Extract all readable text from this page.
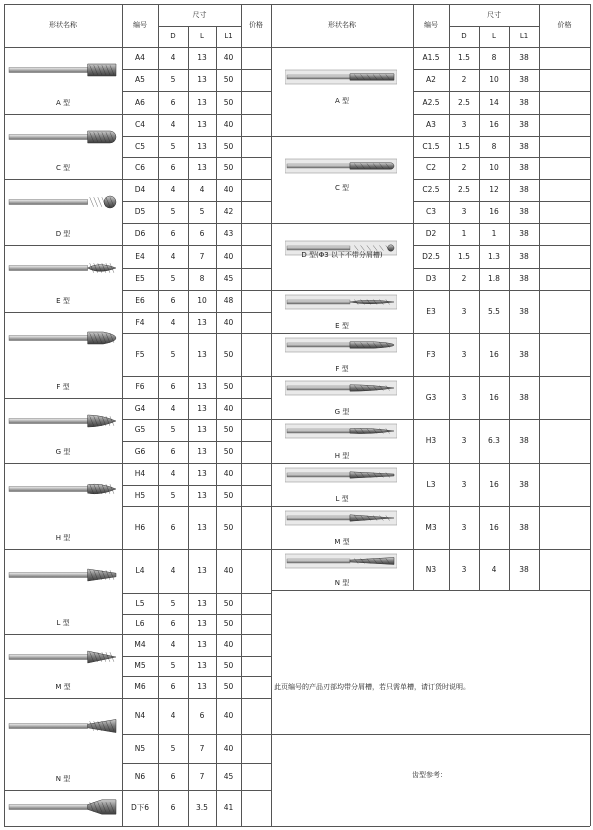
形状名称	编号
尺寸
D	L	L1
价格	形状名称	编号
尺寸
D	L	L1
价格
A4	4	13	40
A5	5	13	50
A6	6	13	50
C4	4	13	40
C5	5	13	50
C6	6	13	50
D4	4	4	40
D5	5	5	42
D6	6	6	43
E4	4	7	40
E5	5	8	45
E6	6	10	48
F4	4	13	40
F5	5	13	50
F6	6	13	50
G4	4	13	40
G5	5	13	50
G6	6	13	50
H4	4	13	40
H5	5	13	50
H6	6	13	50
L4	4	13	40
L5	5	13	50
L6	6	13	50
M4	4	13	40
M5	5	13	50
M6	6	13	50
N4	4	6	40
N5	5	7	40
N6	6	7	45
D下6	6	3.5	41
A 型
C 型
D 型
E 型
F 型
G 型
H 型
L 型
M 型
N 型
A1.5	1.5	8	38
A2	2	10	38
A2.5	2.5	14	38
A3	3	16	38
C1.5	1.5	8	38
C2	2	10	38
C2.5	2.5	12	38
C3	3	16	38
D2	1	1	38
D2.5	1.5	1.3	38
D3	2	1.8	38
E3	3	5.5	38
F3	3	16	38
G3	3	16	38
H3	3	6.3	38
L3	3	16	38
M3	3	16	38
N3	3	4	38
A 型
C 型
D 型(Φ3 以下不带分屑槽)
E 型
F 型
G 型
H 型
L 型
M 型
N 型
此页编号的产品刃部均带分屑槽，若只需单槽，请订货时说明。
齿型参考：
